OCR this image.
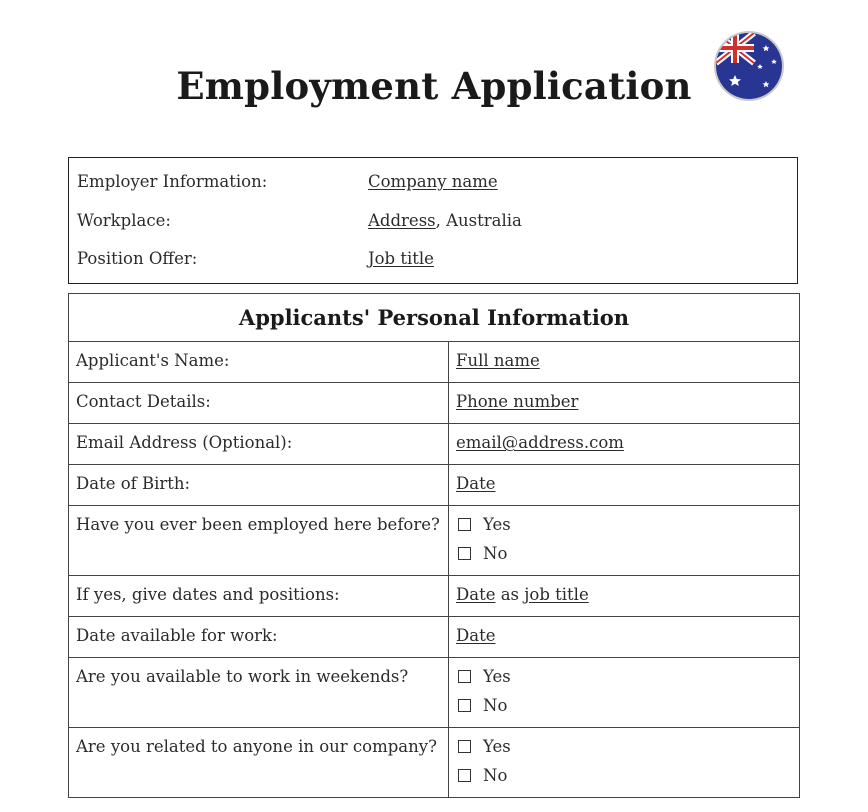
Employment Application
Employer Information:	Company name
Workplace:	Address, Australia
Position Offer:	Job title
Applicants' Personal Information	
Applicant's Name:	Full name
Contact Details:	Phone number
Email Address (Optional):	email@address.com
Date of Birth:	Date
Have you ever been employed here before?	Yes
No

If yes, give dates and positions:	Date as job title
Date available for work:	Date
Are you available to work in weekends?	Yes
No

Are you related to anyone in our company?	Yes
No
